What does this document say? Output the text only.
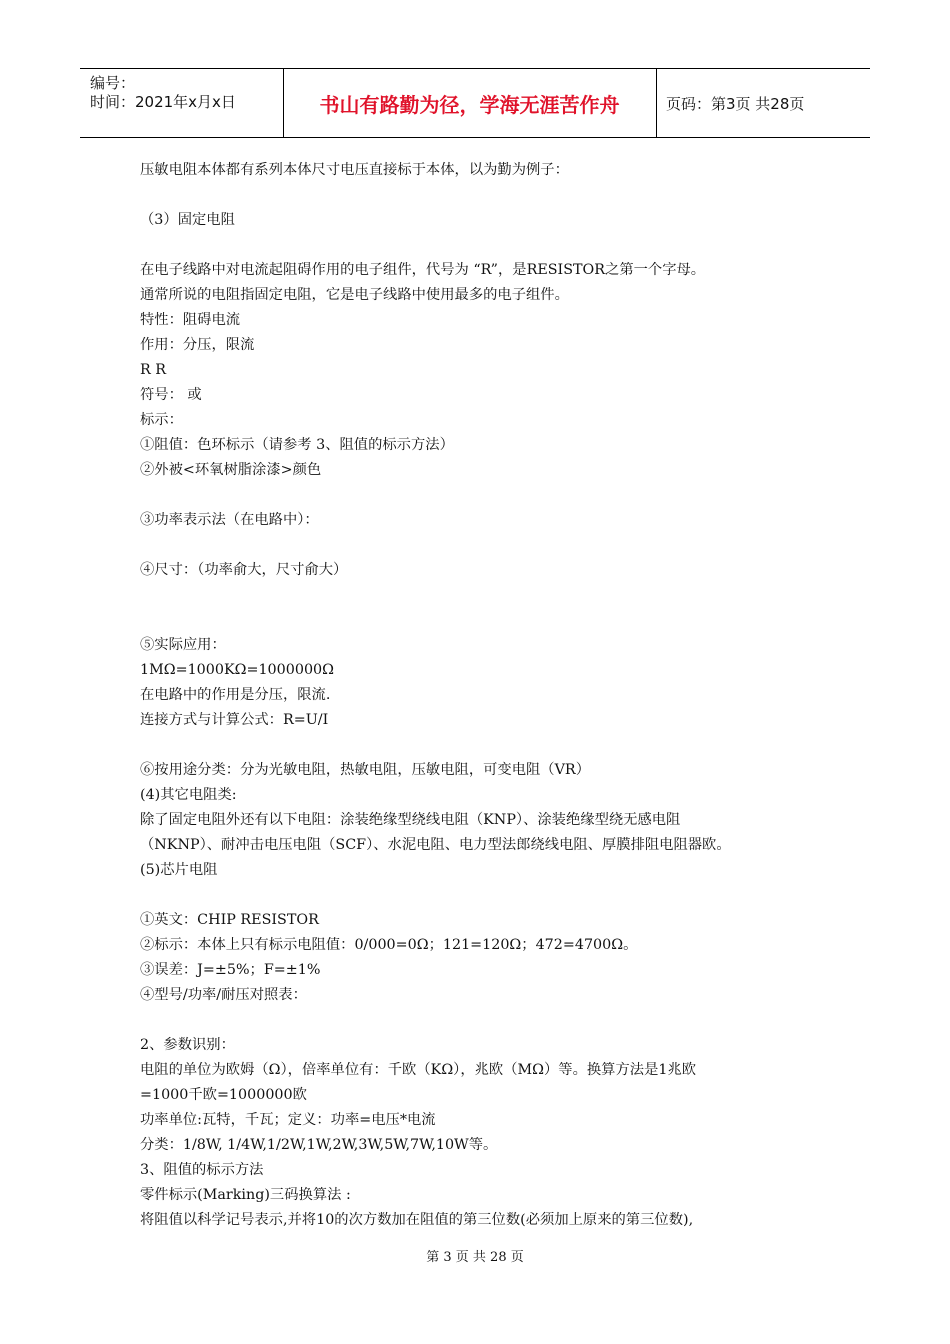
编号：
时间：2021年x月x日	书山有路勤为径，学海无涯苦作舟	页码：第3页 共28页
压敏电阻本体都有系列本体尺寸电压直接标于本体，以为勤为例子：
（3）固定电阻
在电子线路中对电流起阻碍作用的电子组件，代号为 “R”，是RESISTOR之第一个字母。
通常所说的电阻指固定电阻，它是电子线路中使用最多的电子组件。
特性：阻碍电流
作用：分压，限流
R R
符号： 或
标示：
①阻值：色环标示（请参考 3、阻值的标示方法）
②外被<环氧树脂涂漆>颜色
③功率表示法（在电路中）：
④尺寸：（功率俞大，尺寸俞大）
⑤实际应用：
1MΩ=1000KΩ=1000000Ω
在电路中的作用是分压，限流.
连接方式与计算公式：R=U/I
⑥按用途分类：分为光敏电阻，热敏电阻，压敏电阻，可变电阻（VR）
(4)其它电阻类:
除了固定电阻外还有以下电阻：涂装绝缘型绕线电阻（KNP）、涂装绝缘型绕无感电阻
（NKNP）、耐冲击电压电阻（SCF）、水泥电阻、电力型法郎绕线电阻、厚膜排阻电阻器欧。
(5)芯片电阻
①英文：CHIP RESISTOR
②标示：本体上只有标示电阻值：0/000=0Ω；121=120Ω；472=4700Ω。
③误差：J=±5%；F=±1%
④型号/功率/耐压对照表：
2、参数识别：
电阻的单位为欧姆（Ω），倍率单位有：千欧（KΩ），兆欧（MΩ）等。换算方法是1兆欧
=1000千欧=1000000欧
功率单位:瓦特，千瓦；定义：功率=电压*电流
分类：1/8W, 1/4W,1/2W,1W,2W,3W,5W,7W,10W等。
3、阻值的标示方法
零件标示(Marking)三码换算法 :
将阻值以科学记号表示,并将10的次方数加在阻值的第三位数(必须加上原来的第三位数),
第 3 页 共 28 页
